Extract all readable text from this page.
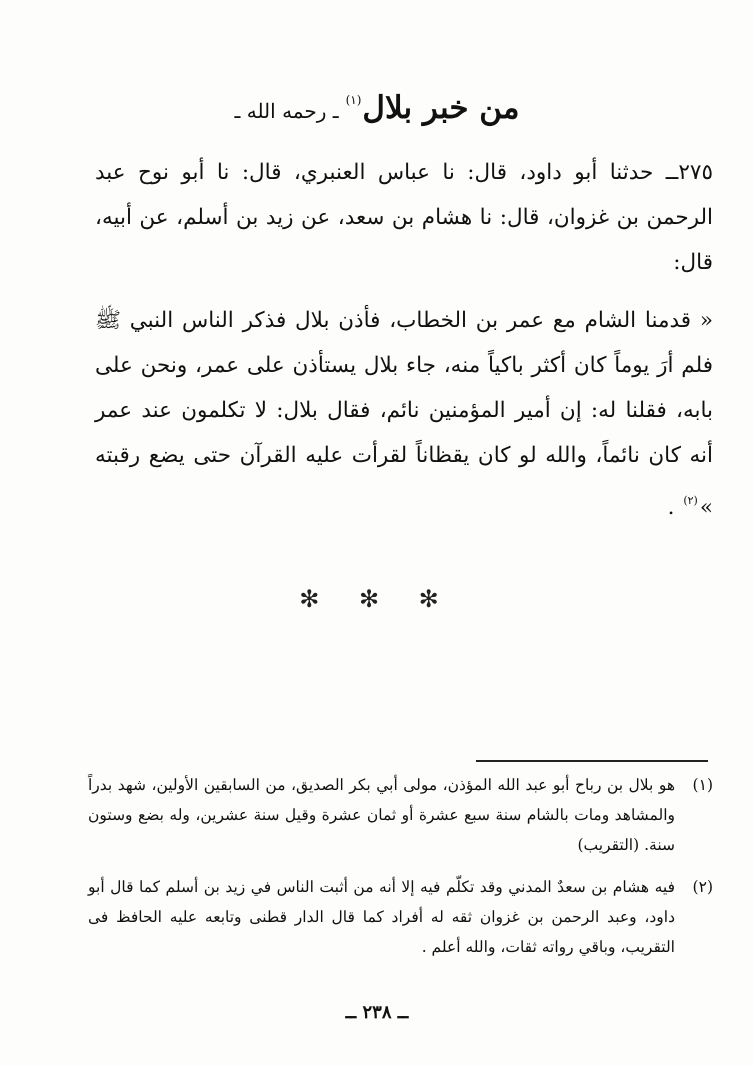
من خبر بلال$^{(١)}$ـ رحمه الله ـ
٢٧٥ــ حدثنا أبو داود، قال: نا عباس العنبري، قال: نا أبو نوح عبد الرحمن بن غزوان، قال: نا هشام بن سعد، عن زيد بن أسلم، عن أبيه، قال:
« قدمنا الشام مع عمر بن الخطاب، فأذن بلال فذكر الناس النبي ﷺ فلم أرَ يوماً كان أكثر باكياً منه، جاء بلال يستأذن على عمر، ونحن على بابه، فقلنا له: إن أمير المؤمنين نائم، فقال بلال: لا تكلمون عند عمر أنه كان نائماً، والله لو كان يقظاناً لقرأت عليه القرآن حتى يضع رقبته »$^{(٢)}$ .
✻ ✻ ✻
(١)
هو بلال بن رباح أبو عبد الله المؤذن، مولى أبي بكر الصديق، من السابقين الأولين، شهد بدراً والمشاهد ومات بالشام سنة سبع عشرة أو ثمان عشرة وقيل سنة عشرين، وله بضع وستون سنة. (التقريب)
(٢)
فيه هشام بن سعدٌ المدني وقد تكلّم فيه إلا أنه من أثبت الناس في زيد بن أسلم كما قال أبو داود، وعبد الرحمن بن غزوان ثقه له أفراد كما قال الدار قطنى وتابعه عليه الحافظ فى التقريب، وباقي رواته ثقات، والله أعلم .
ــ ٢٣٨ ــ
